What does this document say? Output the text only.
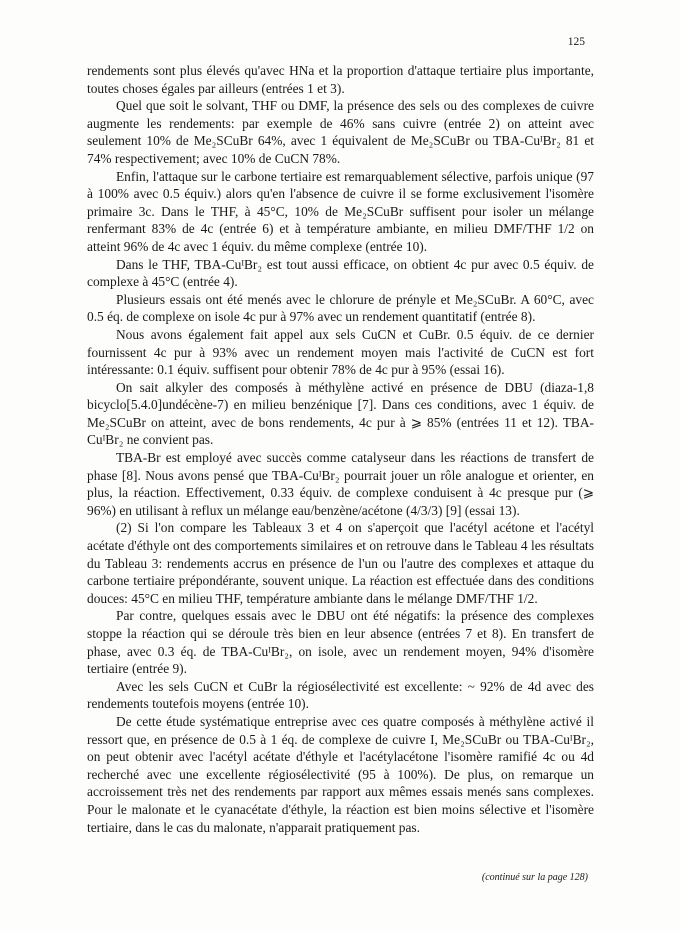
125

rendements sont plus élevés qu'avec HNa et la proportion d'attaque tertiaire plus importante, toutes choses égales par ailleurs (entrées 1 et 3).

Quel que soit le solvant, THF ou DMF, la présence des sels ou des complexes de cuivre augmente les rendements: par exemple de 46% sans cuivre (entrée 2) on atteint avec seulement 10% de Me₂SCuBr 64%, avec 1 équivalent de Me₂SCuBr ou TBA-CuᴵBr₂ 81 et 74% respectivement; avec 10% de CuCN 78%.

Enfin, l'attaque sur le carbone tertiaire est remarquablement sélective, parfois unique (97 à 100% avec 0.5 équiv.) alors qu'en l'absence de cuivre il se forme exclusivement l'isomère primaire 3c. Dans le THF, à 45°C, 10% de Me₂SCuBr suffisent pour isoler un mélange renfermant 83% de 4c (entrée 6) et à température ambiante, en milieu DMF/THF 1/2 on atteint 96% de 4c avec 1 équiv. du même complexe (entrée 10).

Dans le THF, TBA-CuᴵBr₂ est tout aussi efficace, on obtient 4c pur avec 0.5 équiv. de complexe à 45°C (entrée 4).

Plusieurs essais ont été menés avec le chlorure de prényle et Me₂SCuBr. A 60°C, avec 0.5 éq. de complexe on isole 4c pur à 97% avec un rendement quantitatif (entrée 8).

Nous avons également fait appel aux sels CuCN et CuBr. 0.5 équiv. de ce dernier fournissent 4c pur à 93% avec un rendement moyen mais l'activité de CuCN est fort intéressante: 0.1 équiv. suffisent pour obtenir 78% de 4c pur à 95% (essai 16).

On sait alkyler des composés à méthylène activé en présence de DBU (diaza-1,8 bicyclo[5.4.0]undécène-7) en milieu benzénique [7]. Dans ces conditions, avec 1 équiv. de Me₂SCuBr on atteint, avec de bons rendements, 4c pur à ⩾ 85% (entrées 11 et 12). TBA-CuᴵBr₂ ne convient pas.

TBA-Br est employé avec succès comme catalyseur dans les réactions de transfert de phase [8]. Nous avons pensé que TBA-CuᴵBr₂ pourrait jouer un rôle analogue et orienter, en plus, la réaction. Effectivement, 0.33 équiv. de complexe conduisent à 4c presque pur (⩾ 96%) en utilisant à reflux un mélange eau/benzène/acétone (4/3/3) [9] (essai 13).

(2) Si l'on compare les Tableaux 3 et 4 on s'aperçoit que l'acétyl acétone et l'acétyl acétate d'éthyle ont des comportements similaires et on retrouve dans le Tableau 4 les résultats du Tableau 3: rendements accrus en présence de l'un ou l'autre des complexes et attaque du carbone tertiaire prépondérante, souvent unique. La réaction est effectuée dans des conditions douces: 45°C en milieu THF, température ambiante dans le mélange DMF/THF 1/2.

Par contre, quelques essais avec le DBU ont été négatifs: la présence des complexes stoppe la réaction qui se déroule très bien en leur absence (entrées 7 et 8). En transfert de phase, avec 0.3 éq. de TBA-CuᴵBr₂, on isole, avec un rendement moyen, 94% d'isomère tertiaire (entrée 9).

Avec les sels CuCN et CuBr la régiosélectivité est excellente: ~ 92% de 4d avec des rendements toutefois moyens (entrée 10).

De cette étude systématique entreprise avec ces quatre composés à méthylène activé il ressort que, en présence de 0.5 à 1 éq. de complexe de cuivre I, Me₂SCuBr ou TBA-CuᴵBr₂, on peut obtenir avec l'acétyl acétate d'éthyle et l'acétylacétone l'isomère ramifié 4c ou 4d recherché avec une excellente régiosélectivité (95 à 100%). De plus, on remarque un accroissement très net des rendements par rapport aux mêmes essais menés sans complexes. Pour le malonate et le cyanacétate d'éthyle, la réaction est bien moins sélective et l'isomère tertiaire, dans le cas du malonate, n'apparait pratiquement pas.

(continué sur la page 128)
